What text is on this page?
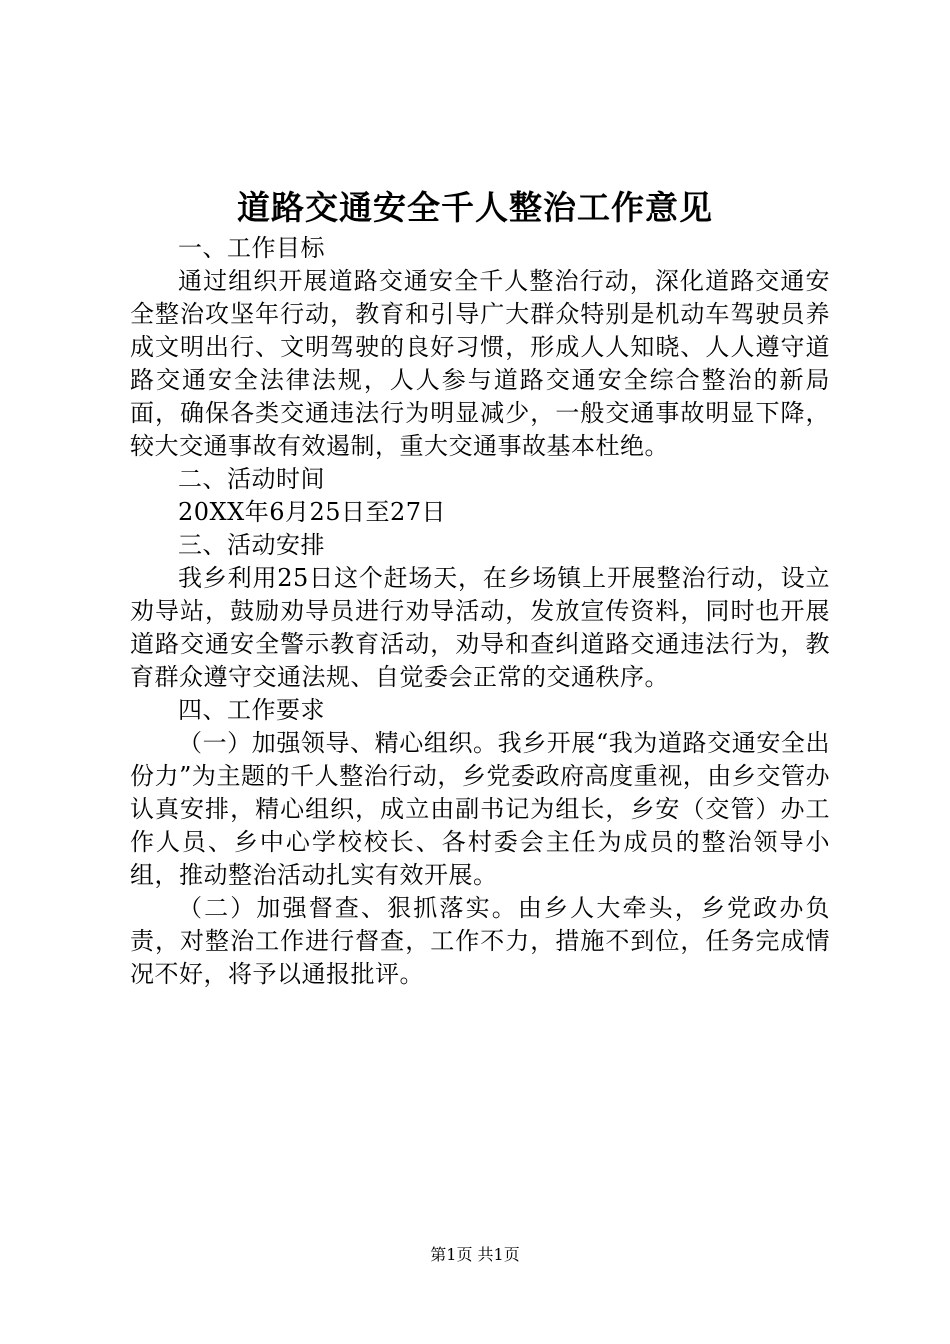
道路交通安全千人整治工作意见

一、工作目标

通过组织开展道路交通安全千人整治行动，深化道路交通安全整治攻坚年行动，教育和引导广大群众特别是机动车驾驶员养成文明出行、文明驾驶的良好习惯，形成人人知晓、人人遵守道路交通安全法律法规，人人参与道路交通安全综合整治的新局面，确保各类交通违法行为明显减少，一般交通事故明显下降，较大交通事故有效遏制，重大交通事故基本杜绝。

二、活动时间

20XX年6月25日至27日

三、活动安排

我乡利用25日这个赶场天，在乡场镇上开展整治行动，设立劝导站，鼓励劝导员进行劝导活动，发放宣传资料，同时也开展道路交通安全警示教育活动，劝导和查纠道路交通违法行为，教育群众遵守交通法规、自觉委会正常的交通秩序。

四、工作要求

（一）加强领导、精心组织。我乡开展“我为道路交通安全出份力”为主题的千人整治行动，乡党委政府高度重视，由乡交管办认真安排，精心组织，成立由副书记为组长，乡安（交管）办工作人员、乡中心学校校长、各村委会主任为成员的整治领导小组，推动整治活动扎实有效开展。

（二）加强督查、狠抓落实。由乡人大牵头，乡党政办负责，对整治工作进行督查，工作不力，措施不到位，任务完成情况不好，将予以通报批评。

第1页 共1页
